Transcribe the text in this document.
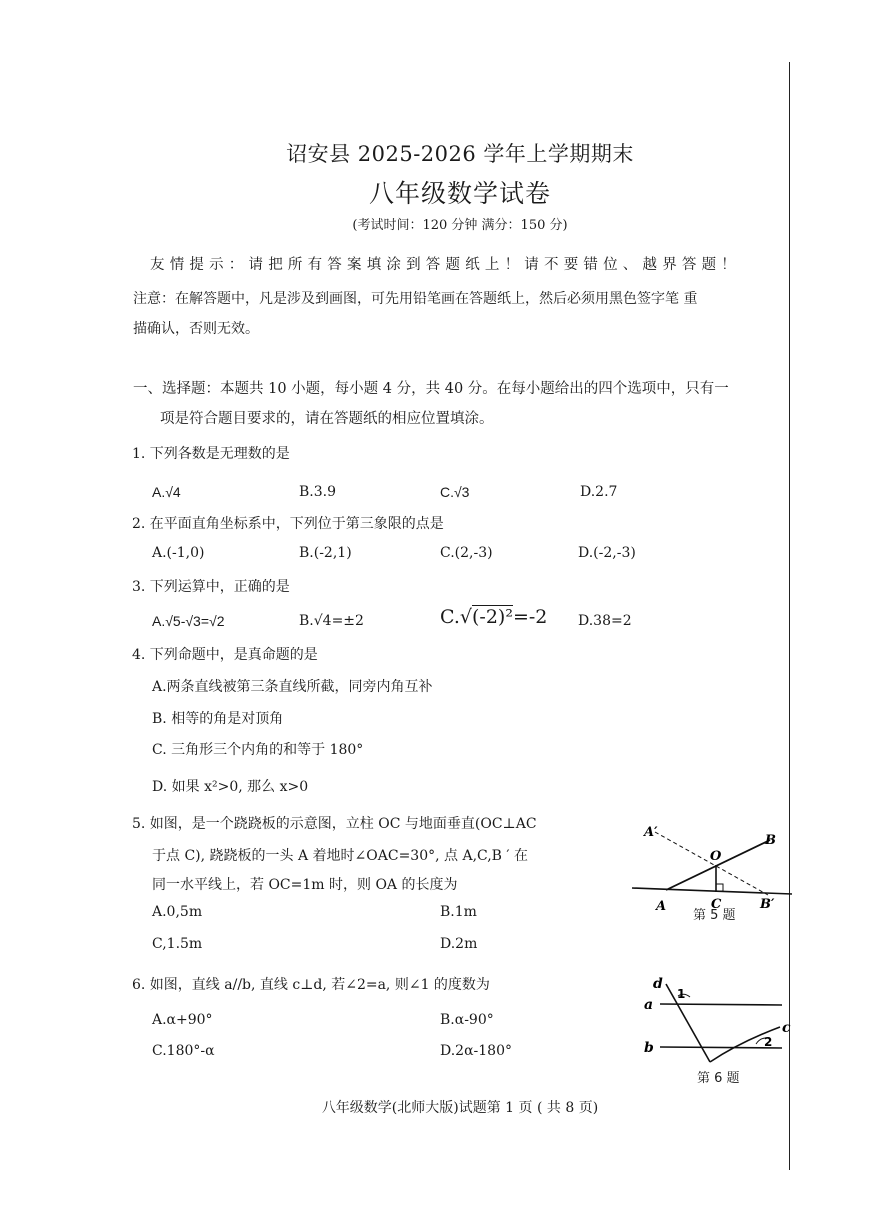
诏安县 2025-2026 学年上学期期末
八年级数学试卷
(考试时间：120 分钟 满分：150 分)
友情提示：请把所有答案填涂到答题纸上！请不要错位、越界答题！
注意：在解答题中，凡是涉及到画图，可先用铅笔画在答题纸上，然后必须用黑色签字笔 重
描确认，否则无效。
一、选择题：本题共 10 小题，每小题 4 分，共 40 分。在每小题给出的四个选项中，只有一
项是符合题目要求的，请在答题纸的相应位置填涂。
1. 下列各数是无理数的是
A.√4	B.3.9	C.√3	D.2.7
2. 在平面直角坐标系中，下列位于第三象限的点是
A.(-1,0)	B.(-2,1)	C.(2,-3)	D.(-2,-3)
3. 下列运算中，正确的是
A.√5-√3=√2	B.√4=±2	C.√(-2)²=-2 D.38=2
4. 下列命题中，是真命题的是
A.两条直线被第三条直线所截，同旁内角互补
B. 相等的角是对顶角
C. 三角形三个内角的和等于 180°
D. 如果 x²>0, 那么 x>0
5. 如图，是一个跷跷板的示意图，立柱 OC 与地面垂直(OC⊥AC
于点 C), 跷跷板的一头 A 着地时∠OAC=30°, 点 A,C,B ′ 在
同一水平线上，若 OC=1m 时，则 OA 的长度为
A.0,5m	B.1m
C,1.5m	D.2m
A′
O
B
A	C	B′
第 5 题
6. 如图，直线 a//b, 直线 c⊥d, 若∠2=a, 则∠1 的度数为
A.α+90°	B.α-90°
C.180°-α	D.2α-180°
d
1
a
b
c
2
第 6 题
八年级数学(北师大版)试题第 1 页 ( 共 8 页)
